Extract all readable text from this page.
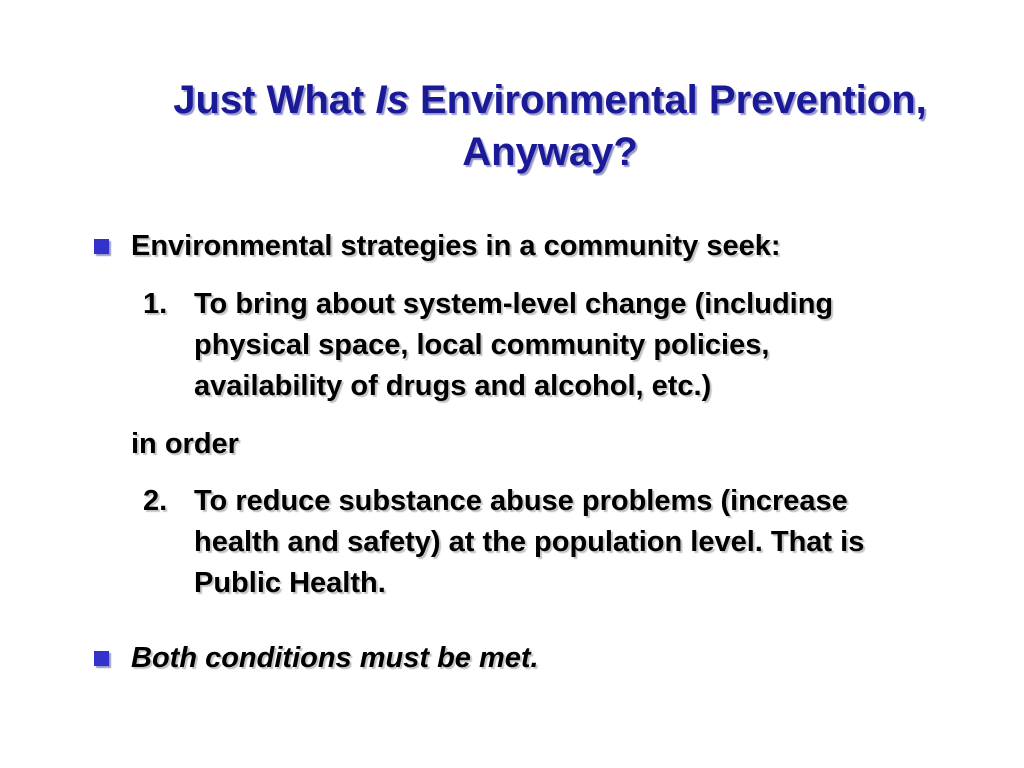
Just What Is Environmental Prevention,
Anyway?
Environmental strategies in a community seek:
1. To bring about system-level change (including
physical space, local community policies,
availability of drugs and alcohol, etc.)
in order
2. To reduce substance abuse problems (increase
health and safety) at the population level. That is
Public Health.
Both conditions must be met.
